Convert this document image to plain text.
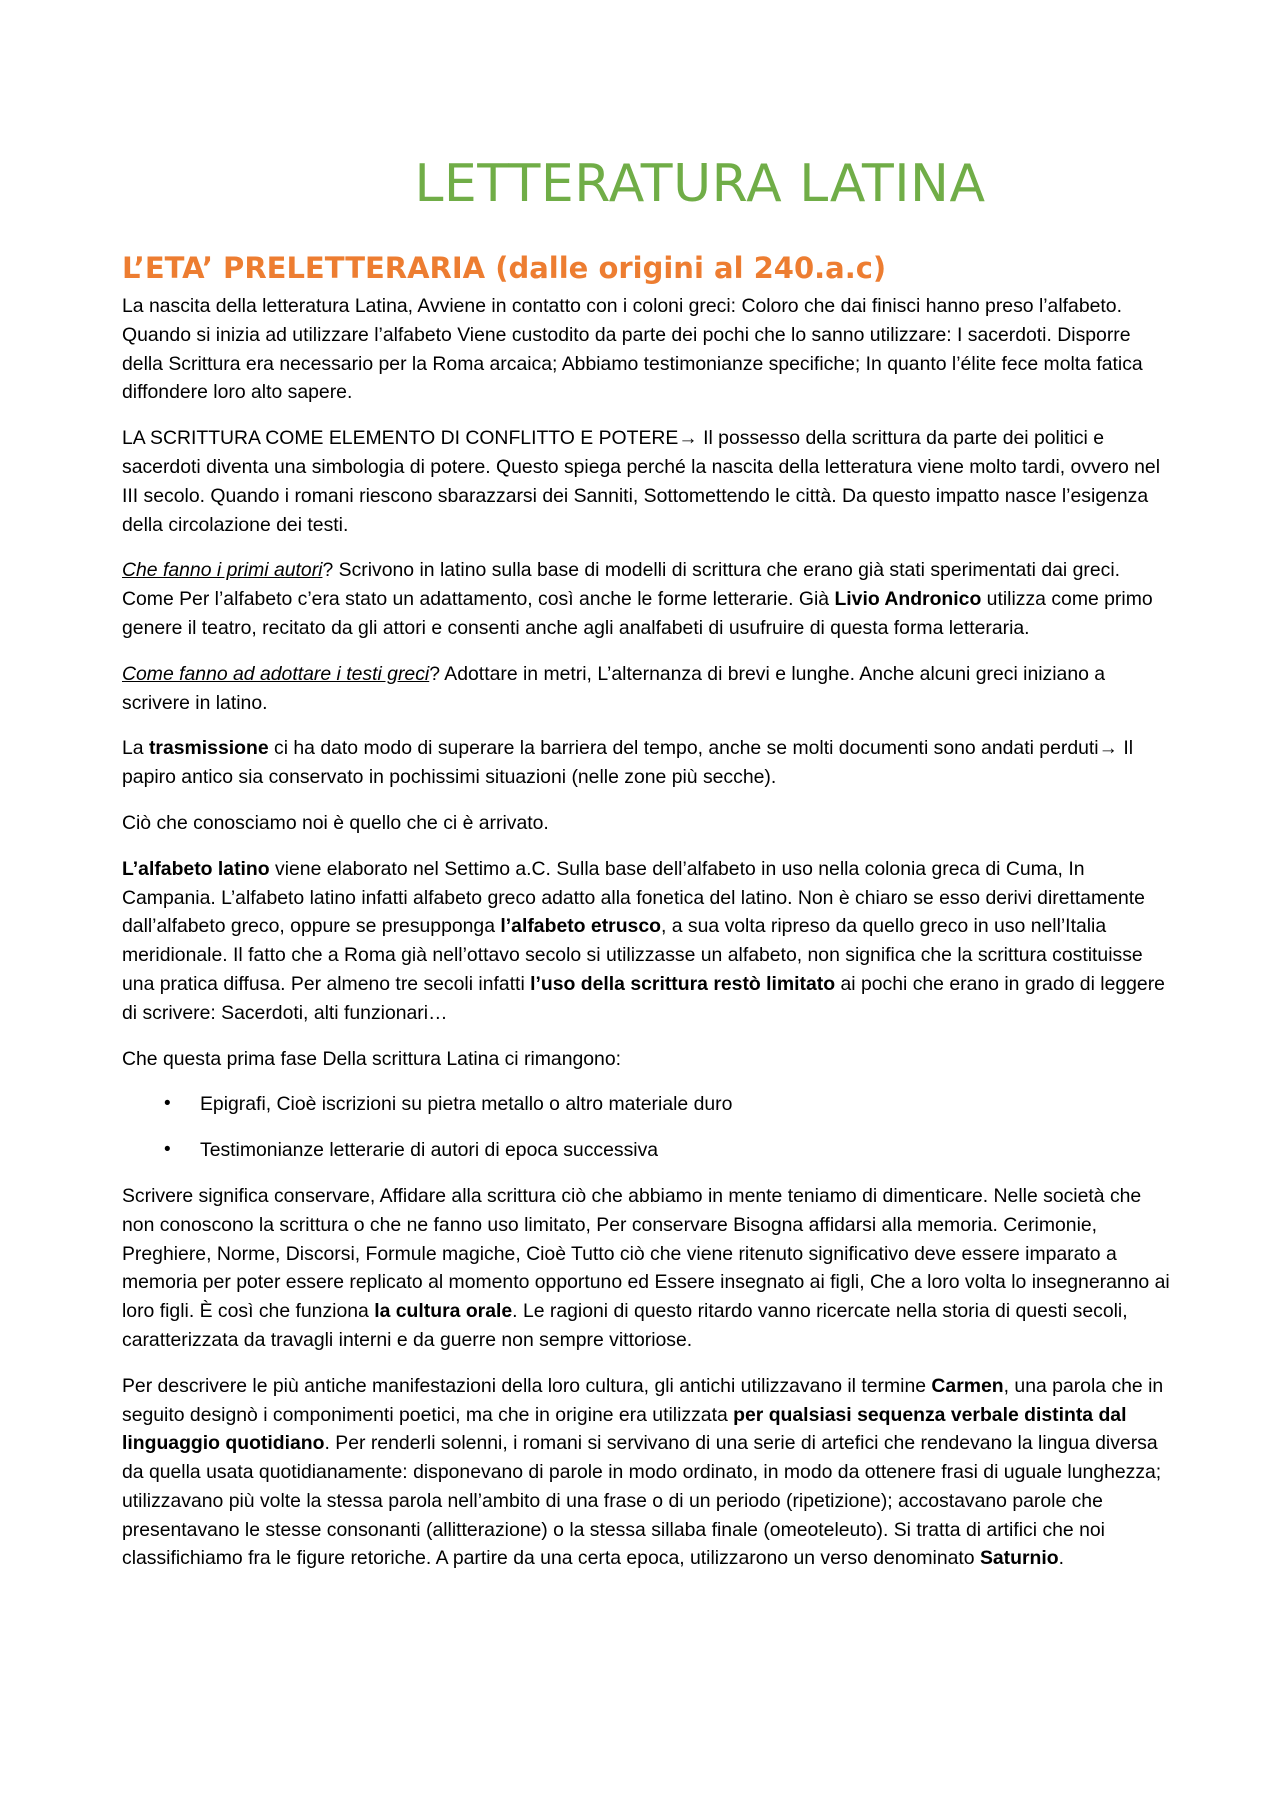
LETTERATURA LATINA
L’ETA’ PRELETTERARIA (dalle origini al 240.a.c)
La nascita della letteratura Latina, Avviene in contatto con i coloni greci: Coloro che dai finisci hanno preso l’alfabeto. Quando si inizia ad utilizzare l’alfabeto Viene custodito da parte dei pochi che lo sanno utilizzare: I sacerdoti. Disporre della Scrittura era necessario per la Roma arcaica; Abbiamo testimonianze specifiche; In quanto l’élite fece molta fatica diffondere loro alto sapere.
LA SCRITTURA COME ELEMENTO DI CONFLITTO E POTERE→ Il possesso della scrittura da parte dei politici e sacerdoti diventa una simbologia di potere. Questo spiega perché la nascita della letteratura viene molto tardi, ovvero nel III secolo. Quando i romani riescono sbarazzarsi dei Sanniti, Sottomettendo le città. Da questo impatto nasce l’esigenza della circolazione dei testi.
Che fanno i primi autori? Scrivono in latino sulla base di modelli di scrittura che erano già stati sperimentati dai greci. Come Per l’alfabeto c’era stato un adattamento, così anche le forme letterarie. Già Livio Andronico utilizza come primo genere il teatro, recitato da gli attori e consenti anche agli analfabeti di usufruire di questa forma letteraria.
Come fanno ad adottare i testi greci? Adottare in metri, L’alternanza di brevi e lunghe. Anche alcuni greci iniziano a scrivere in latino.
La trasmissione ci ha dato modo di superare la barriera del tempo, anche se molti documenti sono andati perduti→ Il papiro antico sia conservato in pochissimi situazioni (nelle zone più secche).
Ciò che conosciamo noi è quello che ci è arrivato.
L’alfabeto latino viene elaborato nel Settimo a.C. Sulla base dell’alfabeto in uso nella colonia greca di Cuma, In Campania. L’alfabeto latino infatti alfabeto greco adatto alla fonetica del latino. Non è chiaro se esso derivi direttamente dall’alfabeto greco, oppure se presupponga l’alfabeto etrusco, a sua volta ripreso da quello greco in uso nell’Italia meridionale. Il fatto che a Roma già nell’ottavo secolo si utilizzasse un alfabeto, non significa che la scrittura costituisse una pratica diffusa. Per almeno tre secoli infatti l’uso della scrittura restò limitato ai pochi che erano in grado di leggere di scrivere: Sacerdoti, alti funzionari…
Che questa prima fase Della scrittura Latina ci rimangono:
• Epigrafi, Cioè iscrizioni su pietra metallo o altro materiale duro
• Testimonianze letterarie di autori di epoca successiva
Scrivere significa conservare, Affidare alla scrittura ciò che abbiamo in mente teniamo di dimenticare. Nelle società che non conoscono la scrittura o che ne fanno uso limitato, Per conservare Bisogna affidarsi alla memoria. Cerimonie, Preghiere, Norme, Discorsi, Formule magiche, Cioè Tutto ciò che viene ritenuto significativo deve essere imparato a memoria per poter essere replicato al momento opportuno ed Essere insegnato ai figli, Che a loro volta lo insegneranno ai loro figli. È così che funziona la cultura orale. Le ragioni di questo ritardo vanno ricercate nella storia di questi secoli, caratterizzata da travagli interni e da guerre non sempre vittoriose.
Per descrivere le più antiche manifestazioni della loro cultura, gli antichi utilizzavano il termine Carmen, una parola che in seguito designò i componimenti poetici, ma che in origine era utilizzata per qualsiasi sequenza verbale distinta dal linguaggio quotidiano. Per renderli solenni, i romani si servivano di una serie di artefici che rendevano la lingua diversa da quella usata quotidianamente: disponevano di parole in modo ordinato, in modo da ottenere frasi di uguale lunghezza; utilizzavano più volte la stessa parola nell’ambito di una frase o di un periodo (ripetizione); accostavano parole che presentavano le stesse consonanti (allitterazione) o la stessa sillaba finale (omeoteleuto). Si tratta di artifici che noi classifichiamo fra le figure retoriche. A partire da una certa epoca, utilizzarono un verso denominato Saturnio.
